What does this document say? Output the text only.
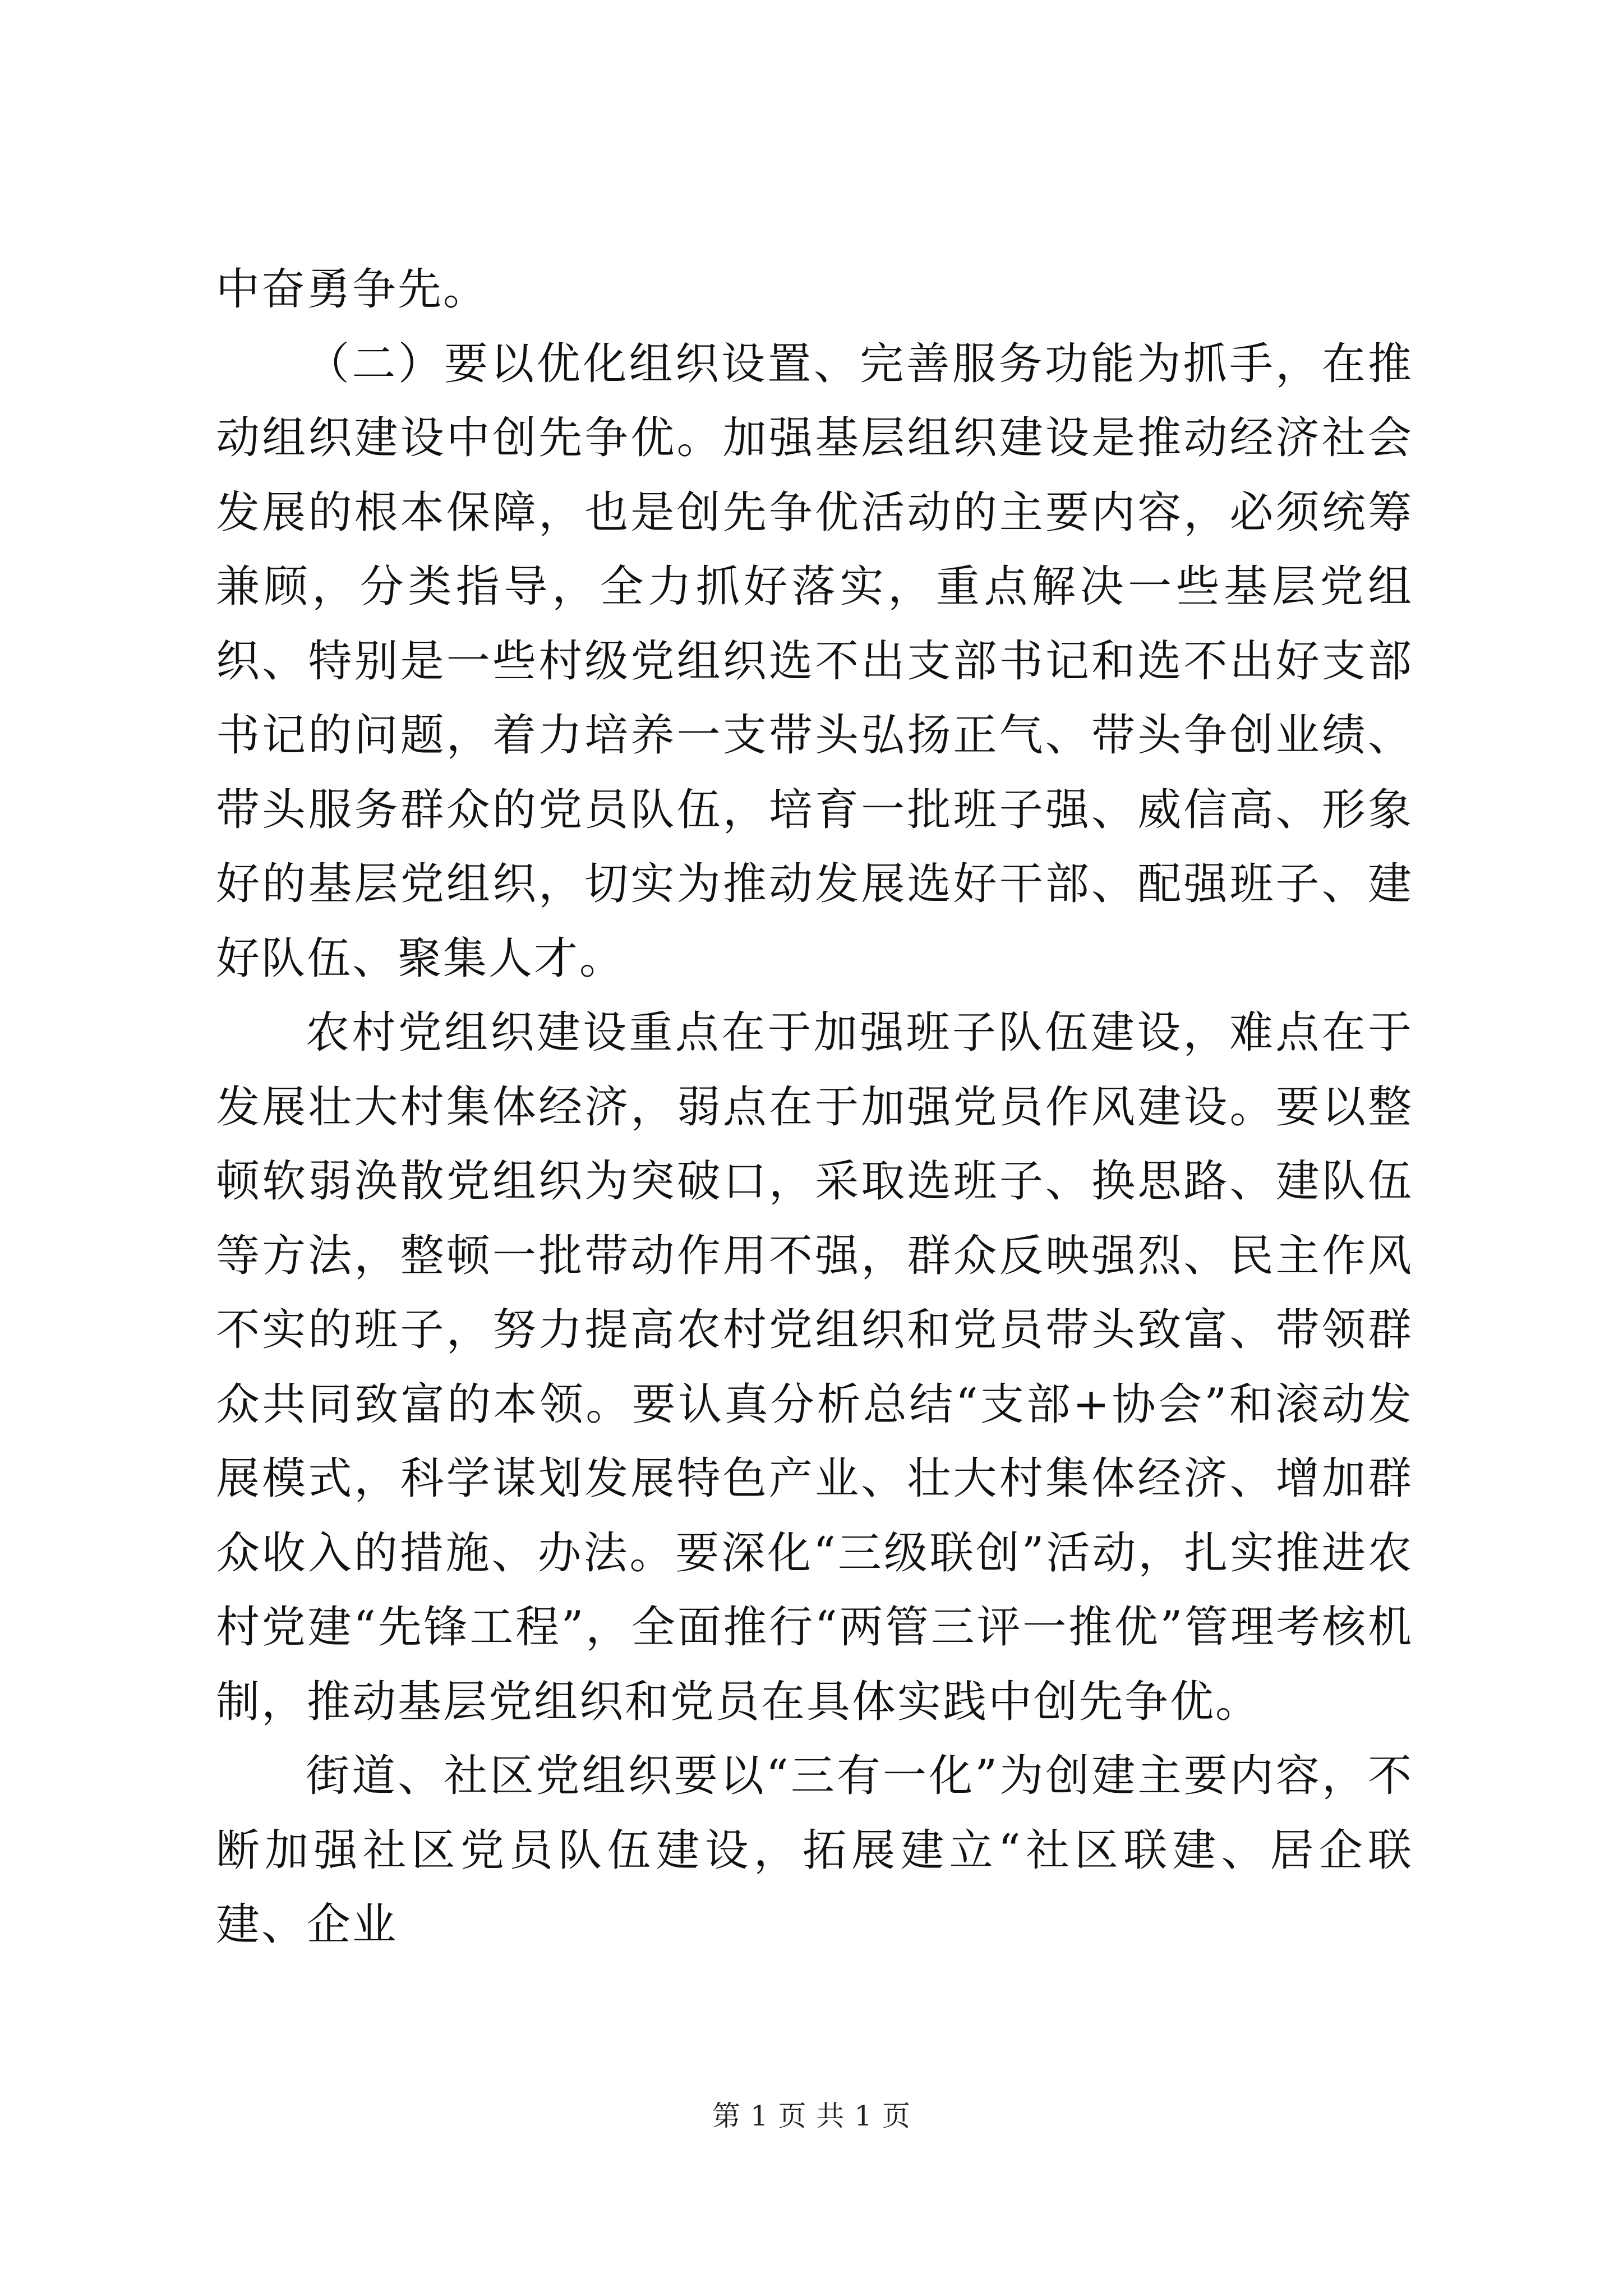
中奋勇争先。

（二）要以优化组织设置、完善服务功能为抓手，在推动组织建设中创先争优。加强基层组织建设是推动经济社会发展的根本保障，也是创先争优活动的主要内容，必须统筹兼顾，分类指导，全力抓好落实，重点解决一些基层党组织、特别是一些村级党组织选不出支部书记和选不出好支部书记的问题，着力培养一支带头弘扬正气、带头争创业绩、带头服务群众的党员队伍，培育一批班子强、威信高、形象好的基层党组织，切实为推动发展选好干部、配强班子、建好队伍、聚集人才。

农村党组织建设重点在于加强班子队伍建设，难点在于发展壮大村集体经济，弱点在于加强党员作风建设。要以整顿软弱涣散党组织为突破口，采取选班子、换思路、建队伍等方法，整顿一批带动作用不强，群众反映强烈、民主作风不实的班子，努力提高农村党组织和党员带头致富、带领群众共同致富的本领。要认真分析总结“支部+协会”和滚动发展模式，科学谋划发展特色产业、壮大村集体经济、增加群众收入的措施、办法。要深化“三级联创”活动，扎实推进农村党建“先锋工程”，全面推行“两管三评一推优”管理考核机制，推动基层党组织和党员在具体实践中创先争优。

街道、社区党组织要以“三有一化”为创建主要内容，不断加强社区党员队伍建设，拓展建立“社区联建、居企联建、企业

第 1 页 共 1 页
